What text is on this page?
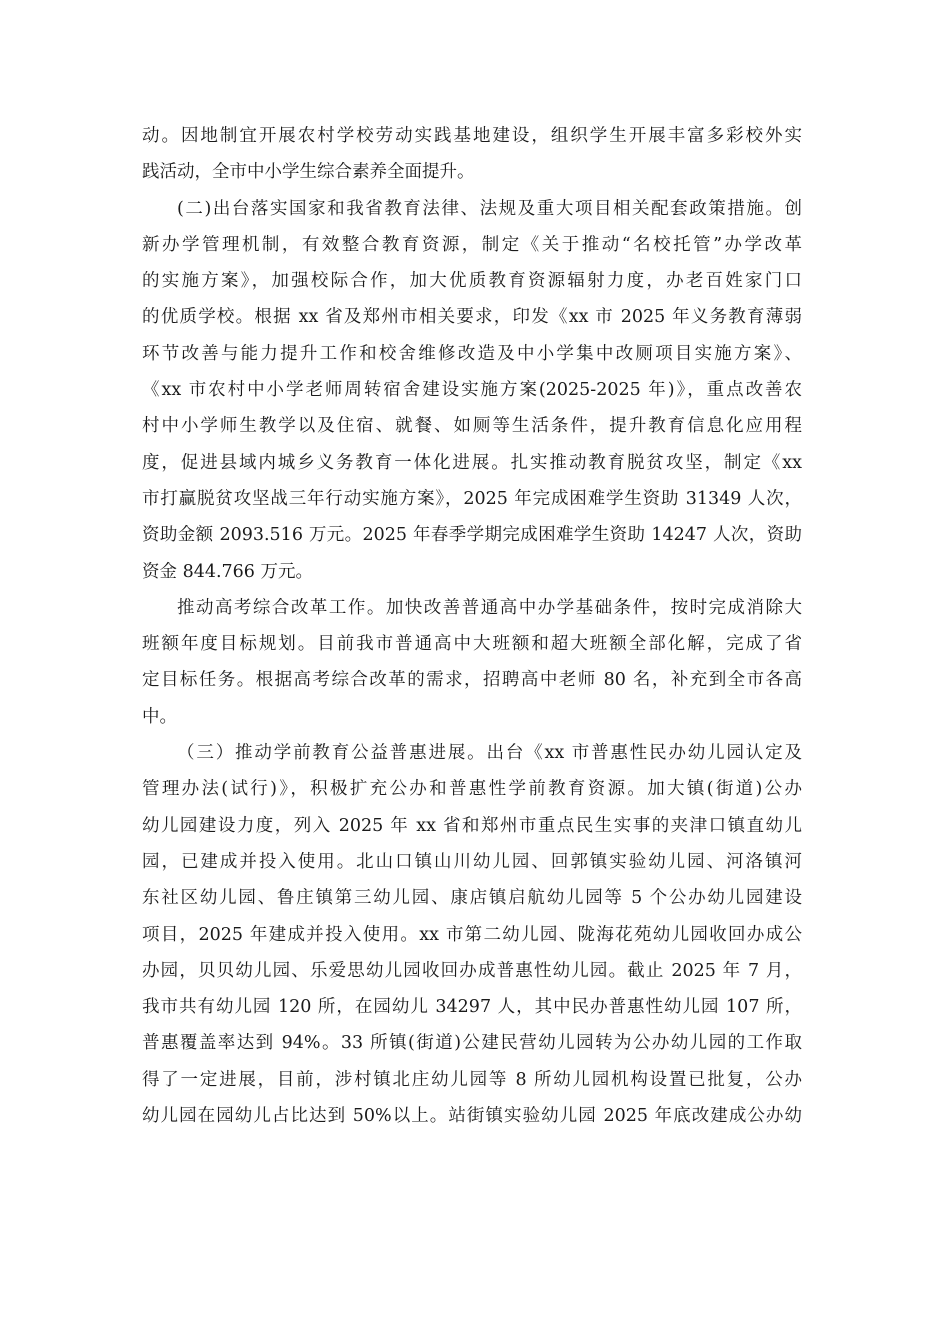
动。因地制宜开展农村学校劳动实践基地建设，组织学生开展丰富多彩校外实
践活动，全市中小学生综合素养全面提升。
(二)出台落实国家和我省教育法律、法规及重大项目相关配套政策措施。创
新办学管理机制，有效整合教育资源，制定《关于推动“名校托管”办学改革
的实施方案》，加强校际合作，加大优质教育资源辐射力度，办老百姓家门口
的优质学校。根据 xx 省及郑州市相关要求，印发《xx 市 2025 年义务教育薄弱
环节改善与能力提升工作和校舍维修改造及中小学集中改厕项目实施方案》、
《xx 市农村中小学老师周转宿舍建设实施方案(2025-2025 年)》，重点改善农
村中小学师生教学以及住宿、就餐、如厕等生活条件，提升教育信息化应用程
度，促进县域内城乡义务教育一体化进展。扎实推动教育脱贫攻坚，制定《xx
市打赢脱贫攻坚战三年行动实施方案》，2025 年完成困难学生资助 31349 人次，
资助金额 2093.516 万元。2025 年春季学期完成困难学生资助 14247 人次，资助
资金 844.766 万元。
推动高考综合改革工作。加快改善普通高中办学基础条件，按时完成消除大
班额年度目标规划。目前我市普通高中大班额和超大班额全部化解，完成了省
定目标任务。根据高考综合改革的需求，招聘高中老师 80 名，补充到全市各高
中。
（三）推动学前教育公益普惠进展。出台《xx 市普惠性民办幼儿园认定及
管理办法(试行)》，积极扩充公办和普惠性学前教育资源。加大镇(街道)公办
幼儿园建设力度，列入 2025 年 xx 省和郑州市重点民生实事的夹津口镇直幼儿
园，已建成并投入使用。北山口镇山川幼儿园、回郭镇实验幼儿园、河洛镇河
东社区幼儿园、鲁庄镇第三幼儿园、康店镇启航幼儿园等 5 个公办幼儿园建设
项目，2025 年建成并投入使用。xx 市第二幼儿园、陇海花苑幼儿园收回办成公
办园，贝贝幼儿园、乐爱思幼儿园收回办成普惠性幼儿园。截止 2025 年 7 月，
我市共有幼儿园 120 所，在园幼儿 34297 人，其中民办普惠性幼儿园 107 所，
普惠覆盖率达到 94%。33 所镇(街道)公建民营幼儿园转为公办幼儿园的工作取
得了一定进展，目前，涉村镇北庄幼儿园等 8 所幼儿园机构设置已批复，公办
幼儿园在园幼儿占比达到 50%以上。站街镇实验幼儿园 2025 年底改建成公办幼
